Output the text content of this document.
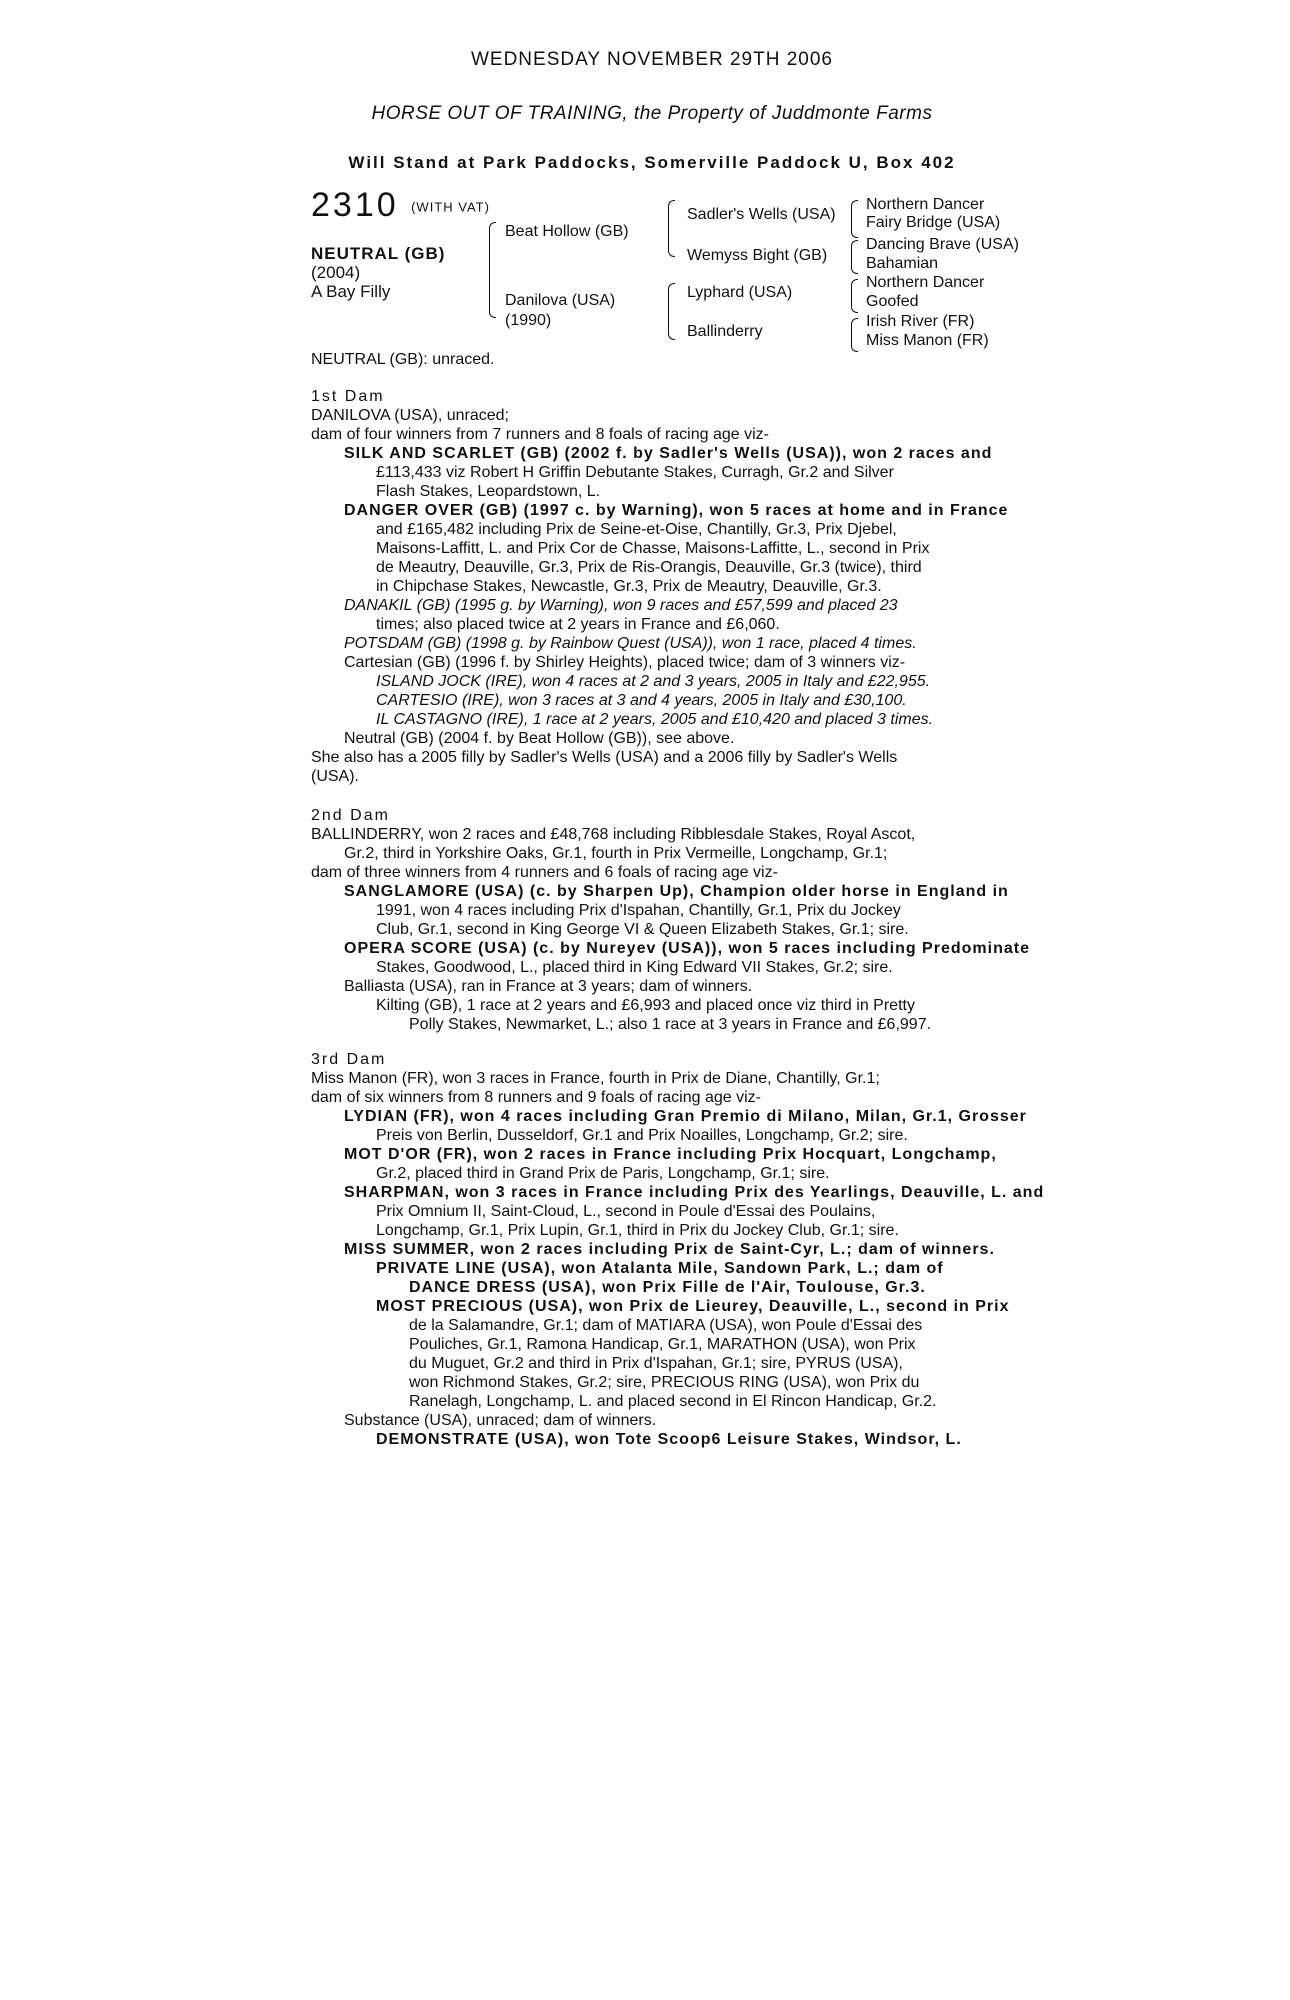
WEDNESDAY NOVEMBER 29TH 2006
HORSE OUT OF TRAINING, the Property of Juddmonte Farms
Will Stand at Park Paddocks, Somerville Paddock U, Box 402
2310 (WITH VAT)
NEUTRAL (GB)
(2004)
A Bay Filly
NEUTRAL (GB): unraced.
Beat Hollow (GB)
Danilova (USA)
(1990)
Sadler's Wells (USA)
Wemyss Bight (GB)
Lyphard (USA)
Ballinderry
Northern Dancer
Fairy Bridge (USA)
Dancing Brave (USA)
Bahamian
Northern Dancer
Goofed
Irish River (FR)
Miss Manon (FR)
1st Dam
DANILOVA (USA), unraced;
dam of four winners from 7 runners and 8 foals of racing age viz-
SILK AND SCARLET (GB) (2002 f. by Sadler's Wells (USA)), won 2 races and
£113,433 viz Robert H Griffin Debutante Stakes, Curragh, Gr.2 and Silver
Flash Stakes, Leopardstown, L.
DANGER OVER (GB) (1997 c. by Warning), won 5 races at home and in France
and £165,482 including Prix de Seine-et-Oise, Chantilly, Gr.3, Prix Djebel,
Maisons-Laffitt, L. and Prix Cor de Chasse, Maisons-Laffitte, L., second in Prix
de Meautry, Deauville, Gr.3, Prix de Ris-Orangis, Deauville, Gr.3 (twice), third
in Chipchase Stakes, Newcastle, Gr.3, Prix de Meautry, Deauville, Gr.3.
DANAKIL (GB) (1995 g. by Warning), won 9 races and £57,599 and placed 23
times; also placed twice at 2 years in France and £6,060.
POTSDAM (GB) (1998 g. by Rainbow Quest (USA)), won 1 race, placed 4 times.
Cartesian (GB) (1996 f. by Shirley Heights), placed twice; dam of 3 winners viz-
ISLAND JOCK (IRE), won 4 races at 2 and 3 years, 2005 in Italy and £22,955.
CARTESIO (IRE), won 3 races at 3 and 4 years, 2005 in Italy and £30,100.
IL CASTAGNO (IRE), 1 race at 2 years, 2005 and £10,420 and placed 3 times.
Neutral (GB) (2004 f. by Beat Hollow (GB)), see above.
She also has a 2005 filly by Sadler's Wells (USA) and a 2006 filly by Sadler's Wells
(USA).
2nd Dam
BALLINDERRY, won 2 races and £48,768 including Ribblesdale Stakes, Royal Ascot,
Gr.2, third in Yorkshire Oaks, Gr.1, fourth in Prix Vermeille, Longchamp, Gr.1;
dam of three winners from 4 runners and 6 foals of racing age viz-
SANGLAMORE (USA) (c. by Sharpen Up), Champion older horse in England in
1991, won 4 races including Prix d'Ispahan, Chantilly, Gr.1, Prix du Jockey
Club, Gr.1, second in King George VI & Queen Elizabeth Stakes, Gr.1; sire.
OPERA SCORE (USA) (c. by Nureyev (USA)), won 5 races including Predominate
Stakes, Goodwood, L., placed third in King Edward VII Stakes, Gr.2; sire.
Balliasta (USA), ran in France at 3 years; dam of winners.
Kilting (GB), 1 race at 2 years and £6,993 and placed once viz third in Pretty
Polly Stakes, Newmarket, L.; also 1 race at 3 years in France and £6,997.
3rd Dam
Miss Manon (FR), won 3 races in France, fourth in Prix de Diane, Chantilly, Gr.1;
dam of six winners from 8 runners and 9 foals of racing age viz-
LYDIAN (FR), won 4 races including Gran Premio di Milano, Milan, Gr.1, Grosser
Preis von Berlin, Dusseldorf, Gr.1 and Prix Noailles, Longchamp, Gr.2; sire.
MOT D'OR (FR), won 2 races in France including Prix Hocquart, Longchamp,
Gr.2, placed third in Grand Prix de Paris, Longchamp, Gr.1; sire.
SHARPMAN, won 3 races in France including Prix des Yearlings, Deauville, L. and
Prix Omnium II, Saint-Cloud, L., second in Poule d'Essai des Poulains,
Longchamp, Gr.1, Prix Lupin, Gr.1, third in Prix du Jockey Club, Gr.1; sire.
MISS SUMMER, won 2 races including Prix de Saint-Cyr, L.; dam of winners.
PRIVATE LINE (USA), won Atalanta Mile, Sandown Park, L.; dam of
DANCE DRESS (USA), won Prix Fille de l'Air, Toulouse, Gr.3.
MOST PRECIOUS (USA), won Prix de Lieurey, Deauville, L., second in Prix
de la Salamandre, Gr.1; dam of MATIARA (USA), won Poule d'Essai des
Pouliches, Gr.1, Ramona Handicap, Gr.1, MARATHON (USA), won Prix
du Muguet, Gr.2 and third in Prix d'Ispahan, Gr.1; sire, PYRUS (USA),
won Richmond Stakes, Gr.2; sire, PRECIOUS RING (USA), won Prix du
Ranelagh, Longchamp, L. and placed second in El Rincon Handicap, Gr.2.
Substance (USA), unraced; dam of winners.
DEMONSTRATE (USA), won Tote Scoop6 Leisure Stakes, Windsor, L.
